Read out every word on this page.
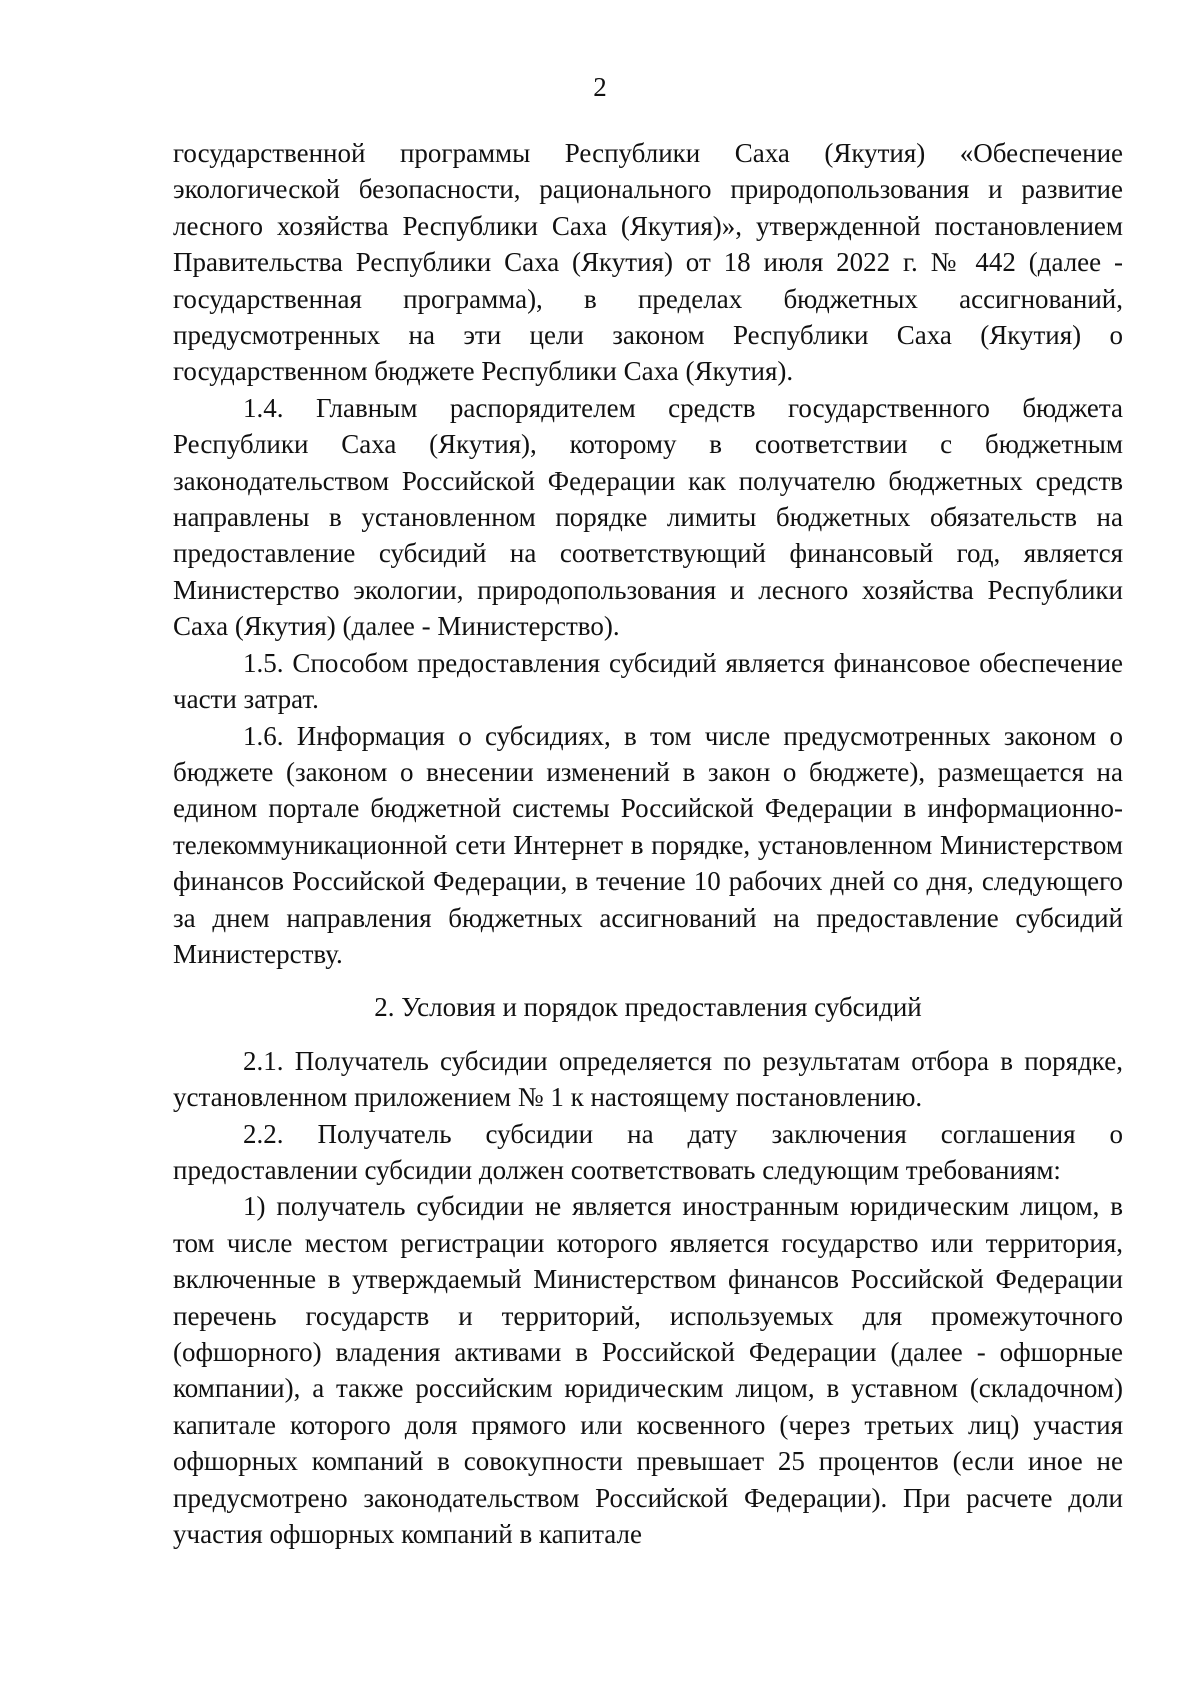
2

государственной программы Республики Саха (Якутия) «Обеспечение экологической безопасности, рационального природопользования и развитие лесного хозяйства Республики Саха (Якутия)», утвержденной постановлением Правительства Республики Саха (Якутия) от 18 июля 2022 г. № 442 (далее - государственная программа), в пределах бюджетных ассигнований, предусмотренных на эти цели законом Республики Саха (Якутия) о государственном бюджете Республики Саха (Якутия).

1.4. Главным распорядителем средств государственного бюджета Республики Саха (Якутия), которому в соответствии с бюджетным законодательством Российской Федерации как получателю бюджетных средств направлены в установленном порядке лимиты бюджетных обязательств на предоставление субсидий на соответствующий финансовый год, является Министерство экологии, природопользования и лесного хозяйства Республики Саха (Якутия) (далее - Министерство).

1.5. Способом предоставления субсидий является финансовое обеспечение части затрат.

1.6. Информация о субсидиях, в том числе предусмотренных законом о бюджете (законом о внесении изменений в закон о бюджете), размещается на едином портале бюджетной системы Российской Федерации в информационно-телекоммуникационной сети Интернет в порядке, установленном Министерством финансов Российской Федерации, в течение 10 рабочих дней со дня, следующего за днем направления бюджетных ассигнований на предоставление субсидий Министерству.

2. Условия и порядок предоставления субсидий

2.1. Получатель субсидии определяется по результатам отбора в порядке, установленном приложением № 1 к настоящему постановлению.

2.2. Получатель субсидии на дату заключения соглашения о предоставлении субсидии должен соответствовать следующим требованиям:

1) получатель субсидии не является иностранным юридическим лицом, в том числе местом регистрации которого является государство или территория, включенные в утверждаемый Министерством финансов Российской Федерации перечень государств и территорий, используемых для промежуточного (офшорного) владения активами в Российской Федерации (далее - офшорные компании), а также российским юридическим лицом, в уставном (складочном) капитале которого доля прямого или косвенного (через третьих лиц) участия офшорных компаний в совокупности превышает 25 процентов (если иное не предусмотрено законодательством Российской Федерации). При расчете доли участия офшорных компаний в капитале
